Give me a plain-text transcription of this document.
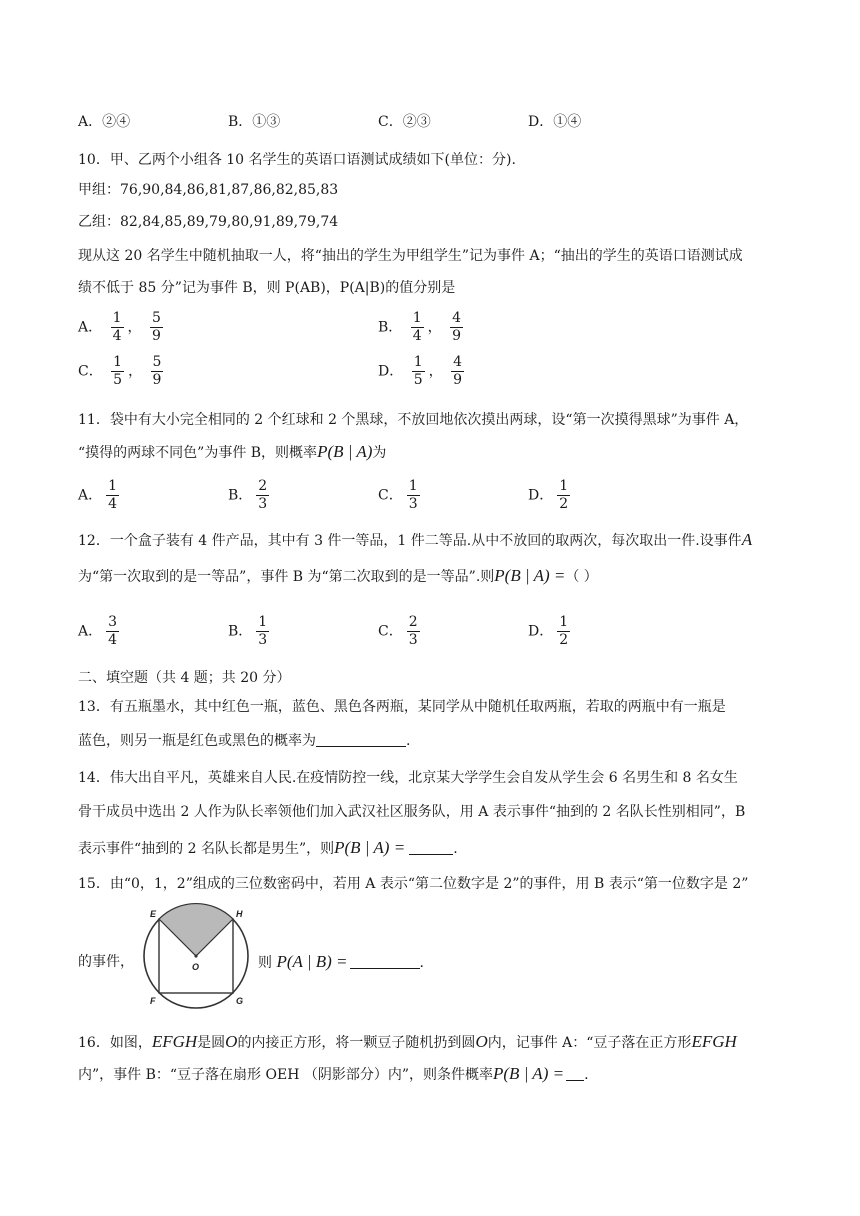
A．②④	B．①③	C．②③	D．①④
10．甲、乙两个小组各 10 名学生的英语口语测试成绩如下(单位：分).
甲组：76,90,84,86,81,87,86,82,85,83
乙组：82,84,85,89,79,80,91,89,79,74
现从这 20 名学生中随机抽取一人，将“抽出的学生为甲组学生”记为事件 A；“抽出的学生的英语口语测试成
绩不低于 85 分”记为事件 B，则 P(AB)，P(A|B)的值分别是
A． $\frac{1}{4}$ ， $\frac{5}{9}$	B． $\frac{1}{4}$ ， $\frac{4}{9}$
C． $\frac{1}{5}$ ， $\frac{5}{9}$	D． $\frac{1}{5}$ ， $\frac{4}{9}$
11．袋中有大小完全相同的 2 个红球和 2 个黑球，不放回地依次摸出两球，设“第一次摸得黑球”为事件 A，
“摸得的两球不同色”为事件 B，则概率P(B | A)为
A． $\frac{1}{4}$	B． $\frac{2}{3}$	C． $\frac{1}{3}$	D． $\frac{1}{2}$
12．一个盒子装有 4 件产品，其中有 3 件一等品，1 件二等品.从中不放回的取两次，每次取出一件.设事件A
为“第一次取到的是一等品”，事件 B 为“第二次取到的是一等品”.则P(B | A) =（ ）
A． $\frac{3}{4}$	B． $\frac{1}{3}$	C． $\frac{2}{3}$	D． $\frac{1}{2}$
二、填空题（共 4 题；共 20 分）
13．有五瓶墨水，其中红色一瓶，蓝色、黑色各两瓶，某同学从中随机任取两瓶，若取的两瓶中有一瓶是
蓝色，则另一瓶是红色或黑色的概率为	.
14．伟大出自平凡，英雄来自人民.在疫情防控一线，北京某大学学生会自发从学生会 6 名男生和 8 名女生
骨干成员中选出 2 人作为队长率领他们加入武汉社区服务队，用 A 表示事件“抽到的 2 名队长性别相同”，B
表示事件“抽到的 2 名队长都是男生”，则P(B | A) =	.
15．由“0，1，2”组成的三位数密码中，若用 A 表示“第二位数字是 2”的事件，用 B 表示“第一位数字是 2”
的事件，
E	H
F	G
O	则 P(A | B) =	.
16．如图，EFGH是圆O的内接正方形，将一颗豆子随机扔到圆O内，记事件 A：“豆子落在正方形EFGH
内”，事件 B：“豆子落在扇形 OEH （阴影部分）内”，则条件概率P(B | A) = .
